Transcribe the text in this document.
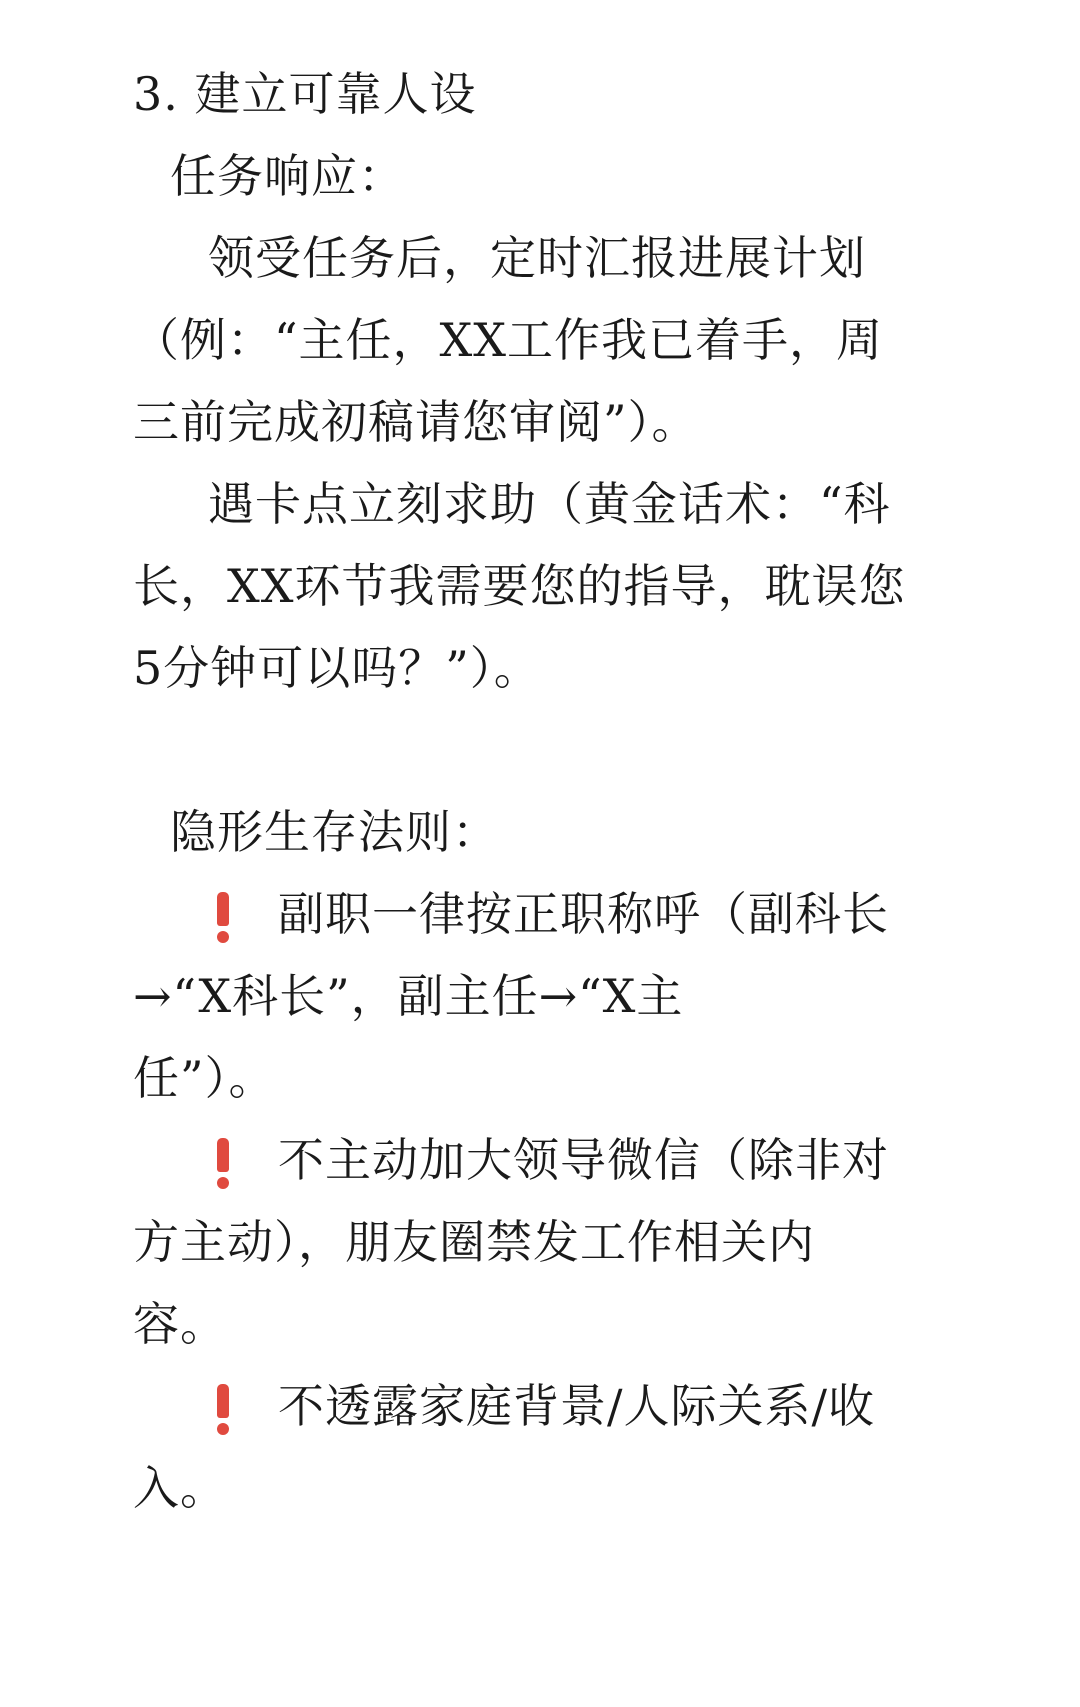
3. 建立可靠人设
任务响应：
领受任务后，定时汇报进展计划
（例：“主任，XX工作我已着手，周
三前完成初稿请您审阅”）。
遇卡点立刻求助（黄金话术：“科
长，XX环节我需要您的指导，耽误您
5分钟可以吗？”）。
隐形生存法则：
副职一律按正职称呼（副科长
→“X科长”，副主任→“X主
任”）。
不主动加大领导微信（除非对
方主动），朋友圈禁发工作相关内
容。
不透露家庭背景/人际关系/收
入。
